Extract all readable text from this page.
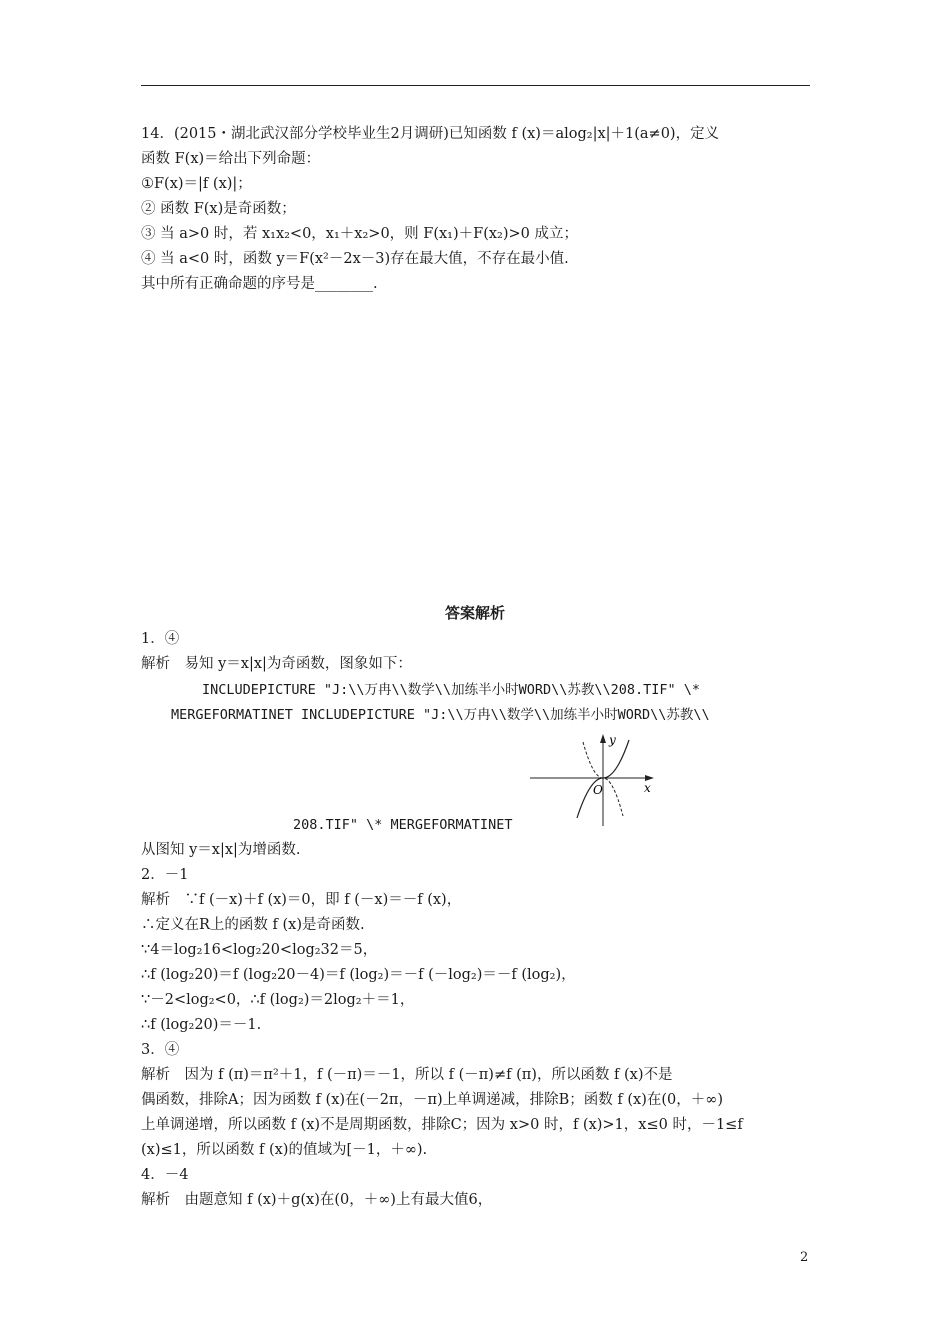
14．(2015・湖北武汉部分学校毕业生2月调研)已知函数 f (x)＝alog₂|x|＋1(a≠0)，定义
函数 F(x)＝给出下列命题：
①F(x)＝|f (x)|；
② 函数 F(x)是奇函数；
③ 当 a>0 时，若 x₁x₂<0，x₁＋x₂>0，则 F(x₁)＋F(x₂)>0 成立；
④ 当 a<0 时，函数 y＝F(x²－2x－3)存在最大值，不存在最小值.
其中所有正确命题的序号是________.
答案解析
1．④
解析　易知 y＝x|x|为奇函数，图象如下：
INCLUDEPICTURE "J:\\万冉\\数学\\加练半小时WORD\\苏教\\208.TIF" \*
MERGEFORMATINET INCLUDEPICTURE "J:\\万冉\\数学\\加练半小时WORD\\苏教\\
O
y
x
208.TIF" \* MERGEFORMATINET
从图知 y＝x|x|为增函数.
2．－1
解析　∵f (－x)＋f (x)＝0，即 f (－x)＝－f (x)，
∴定义在R上的函数 f (x)是奇函数.
∵4＝log₂16<log₂20<log₂32＝5，
∴f (log₂20)＝f (log₂20－4)＝f (log₂)＝－f (－log₂)＝－f (log₂)，
∵－2<log₂<0，∴f (log₂)＝2log₂＋＝1，
∴f (log₂20)＝－1.
3．④
解析　因为 f (π)＝π²＋1，f (－π)＝－1，所以 f (－π)≠f (π)，所以函数 f (x)不是
偶函数，排除A；因为函数 f (x)在(－2π，－π)上单调递减，排除B；函数 f (x)在(0，＋∞)
上单调递增，所以函数 f (x)不是周期函数，排除C；因为 x>0 时，f (x)>1，x≤0 时，－1≤f
(x)≤1，所以函数 f (x)的值域为[－1，＋∞).
4．－4
解析　由题意知 f (x)＋g(x)在(0，＋∞)上有最大值6，
2
